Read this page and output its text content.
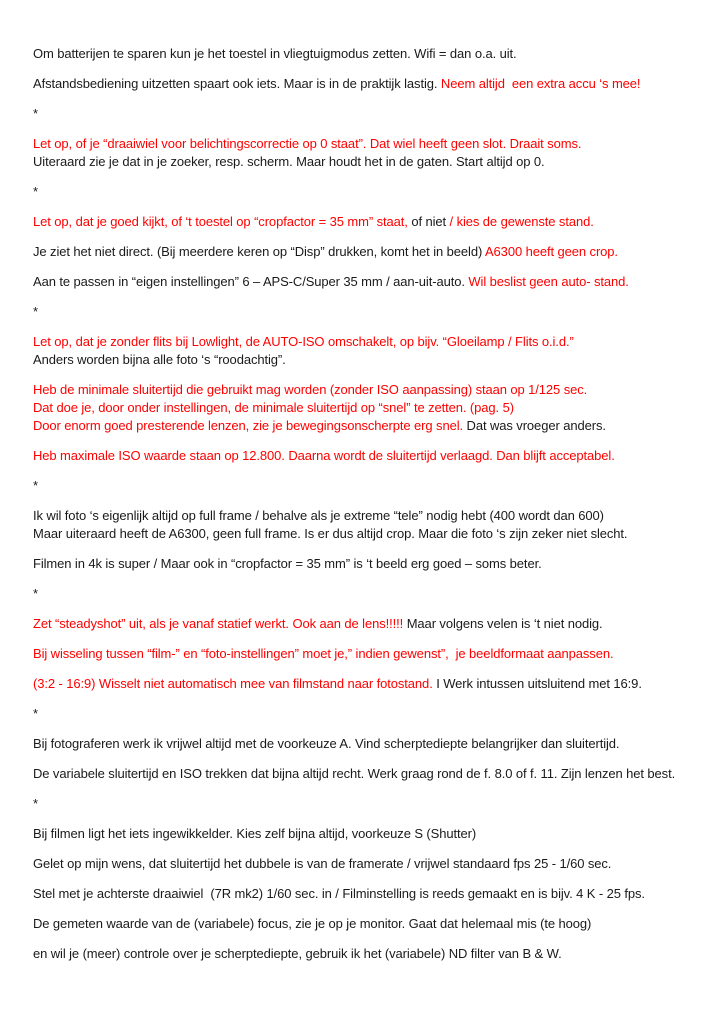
Om batterijen te sparen kun je het toestel in vliegtuigmodus zetten. Wifi = dan o.a. uit.
Afstandsbediening uitzetten spaart ook iets. Maar is in de praktijk lastig. Neem altijd  een extra accu ‘s mee!
*
Let op, of je “draaiwiel voor belichtingscorrectie op 0 staat”. Dat wiel heeft geen slot. Draait soms.
Uiteraard zie je dat in je zoeker, resp. scherm. Maar houdt het in de gaten. Start altijd op 0.
*
Let op, dat je goed kijkt, of ‘t toestel op “cropfactor = 35 mm” staat, of niet / kies de gewenste stand.
Je ziet het niet direct. (Bij meerdere keren op “Disp” drukken, komt het in beeld) A6300 heeft geen crop.
Aan te passen in “eigen instellingen” 6 – APS-C/Super 35 mm / aan-uit-auto. Wil beslist geen auto- stand.
*
Let op, dat je zonder flits bij Lowlight, de AUTO-ISO omschakelt, op bijv. “Gloeilamp / Flits o.i.d.”
Anders worden bijna alle foto ‘s “roodachtig”.
Heb de minimale sluitertijd die gebruikt mag worden (zonder ISO aanpassing) staan op 1/125 sec.
Dat doe je, door onder instellingen, de minimale sluitertijd op “snel” te zetten. (pag. 5)
Door enorm goed presterende lenzen, zie je bewegingsonscherpte erg snel. Dat was vroeger anders.
Heb maximale ISO waarde staan op 12.800. Daarna wordt de sluitertijd verlaagd. Dan blijft acceptabel.
*
Ik wil foto ‘s eigenlijk altijd op full frame / behalve als je extreme “tele” nodig hebt (400 wordt dan 600)
Maar uiteraard heeft de A6300, geen full frame. Is er dus altijd crop. Maar die foto ‘s zijn zeker niet slecht.
Filmen in 4k is super / Maar ook in “cropfactor = 35 mm” is ‘t beeld erg goed – soms beter.
*
Zet “steadyshot” uit, als je vanaf statief werkt. Ook aan de lens!!!!! Maar volgens velen is ‘t niet nodig.
Bij wisseling tussen “film-” en “foto-instellingen” moet je,” indien gewenst”,  je beeldformaat aanpassen.
(3:2 - 16:9) Wisselt niet automatisch mee van filmstand naar fotostand. I Werk intussen uitsluitend met 16:9.
*
Bij fotograferen werk ik vrijwel altijd met de voorkeuze A. Vind scherptediepte belangrijker dan sluitertijd.
De variabele sluitertijd en ISO trekken dat bijna altijd recht. Werk graag rond de f. 8.0 of f. 11. Zijn lenzen het best.
*
Bij filmen ligt het iets ingewikkelder. Kies zelf bijna altijd, voorkeuze S (Shutter)
Gelet op mijn wens, dat sluitertijd het dubbele is van de framerate / vrijwel standaard fps 25 - 1/60 sec.
Stel met je achterste draaiwiel  (7R mk2) 1/60 sec. in / Filminstelling is reeds gemaakt en is bijv. 4 K - 25 fps.
De gemeten waarde van de (variabele) focus, zie je op je monitor. Gaat dat helemaal mis (te hoog)
en wil je (meer) controle over je scherptediepte, gebruik ik het (variabele) ND filter van B & W.
